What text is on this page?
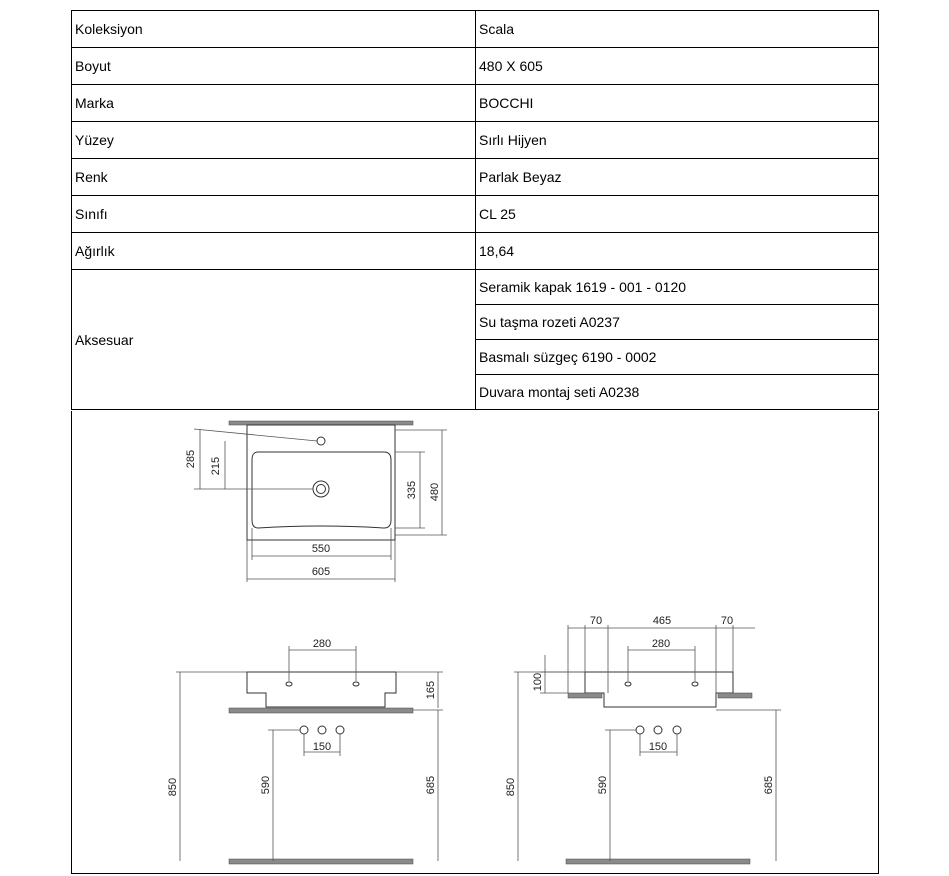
Koleksiyon	Scala
Boyut	480 X 605
Marka	BOCCHI
Yüzey	Sırlı Hijyen
Renk	Parlak Beyaz
Sınıfı	CL 25
Ağırlık	18,64
Aksesuar	Seramik kapak 1619 - 001 - 0120
	Su taşma rozeti A0237
	Basmalı süzgeç 6190 - 0002
	Duvara montaj seti A0238
285 215
335 480
550
605
280
165
150
850	590	685
70	465	70
280
100
150
850	590	685
